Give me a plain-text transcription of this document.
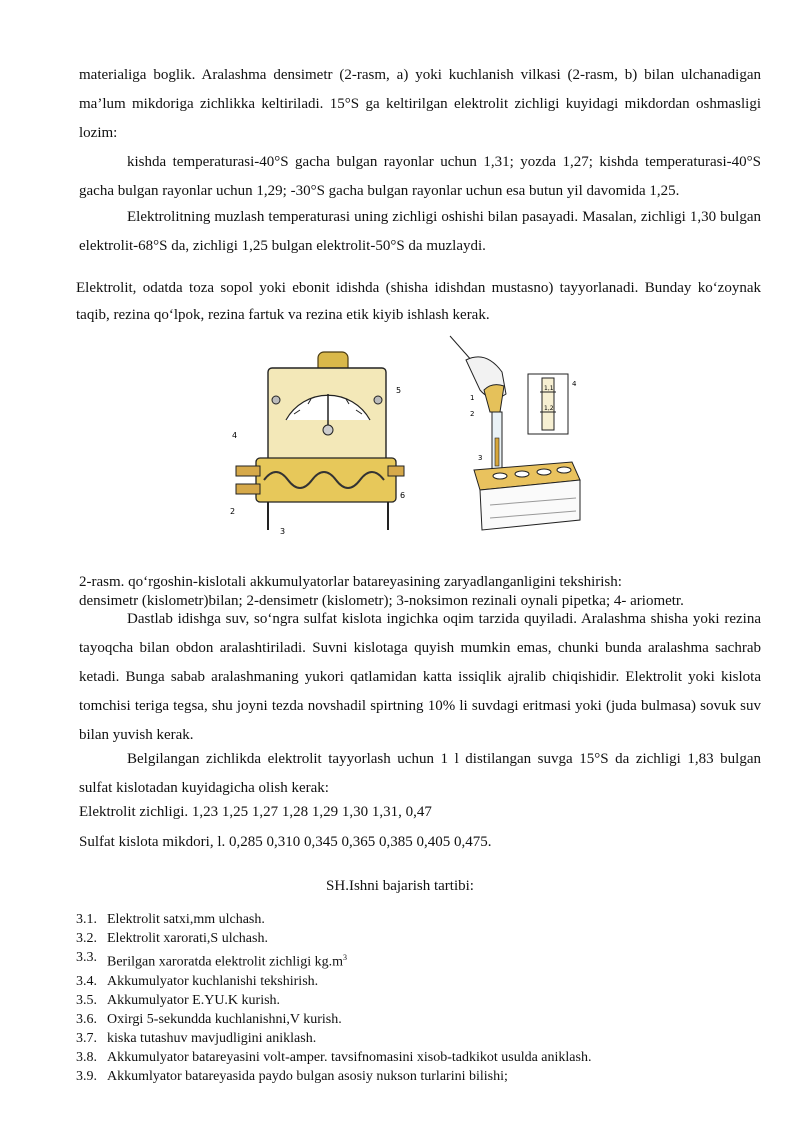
materialiga boglik. Aralashma densimetr (2-rasm, a) yoki kuchlanish vilkasi (2-rasm, b) bilan ulchanadigan ma’lum mikdoriga zichlikka keltiriladi. 15°S ga keltirilgan elektrolit zichligi kuyidagi mikdordan oshmasligi lozim:
kishda temperaturasi-40°S gacha bulgan rayonlar uchun 1,31; yozda 1,27; kishda temperaturasi-40°S gacha bulgan rayonlar uchun 1,29; -30°S gacha bulgan rayonlar uchun esa butun yil davomida 1,25.
Elektrolitning muzlash temperaturasi uning zichligi oshishi bilan pasayadi. Masalan, zichligi 1,30 bulgan elektrolit-68°S da, zichligi 1,25 bulgan elektrolit-50°S da muzlaydi.
Elektrolit, odatda toza sopol yoki ebonit idishda (shisha idishdan mustasno) tayyorlanadi. Bunday ko‘zoynak taqib, rezina qo‘lpok, rezina fartuk va rezina etik kiyib ishlash kerak.
4
5
6
2
3
1,1
1,2
1
2
3
4
2-rasm. qo‘rgoshin-kislotali akkumulyatorlar batareyasining zaryadlanganligini tekshirish:
densimetr (kislometr)bilan; 2-densimetr (kislometr); 3-noksimon rezinali oynali pipetka; 4- ariometr.
Dastlab idishga suv, so‘ngra sulfat kislota ingichka oqim tarzida quyiladi. Aralashma shisha yoki rezina tayoqcha bilan obdon aralashtiriladi. Suvni kislotaga quyish mumkin emas, chunki bunda aralashma sachrab ketadi. Bunga sabab aralashmaning yukori qatlamidan katta issiqlik ajralib chiqishidir. Elektrolit yoki kislota tomchisi teriga tegsa, shu joyni tezda novshadil spirtning 10% li suvdagi eritmasi yoki (juda bulmasa) sovuk suv bilan yuvish kerak.
Belgilangan zichlikda elektrolit tayyorlash uchun 1 l distilangan suvga 15°S da zichligi 1,83 bulgan sulfat kislotadan kuyidagicha olish kerak:
Elektrolit zichligi. 1,23 1,25 1,27 1,28 1,29 1,30 1,31, 0,47
Sulfat kislota mikdori, l. 0,285 0,310 0,345 0,365 0,385 0,405 0,475.
SH.Ishni bajarish tartibi:
3.1. Elektrolit satxi,mm ulchash.
3.2. Elektrolit xarorati,S ulchash.
3.3. Berilgan xaroratda elektrolit zichligi $kg.m^3$
3.4. Akkumulyator kuchlanishi tekshirish.
3.5. Akkumulyator E.YU.K kurish.
3.6. Oxirgi 5-sekundda kuchlanishni,V kurish.
3.7. kiska tutashuv mavjudligini aniklash.
3.8. Akkumulyator batareyasini volt-amper. tavsifnomasini xisob-tadkikot usulda aniklash.
3.9. Akkumlyator batareyasida paydo bulgan asosiy nukson turlarini bilishi;
